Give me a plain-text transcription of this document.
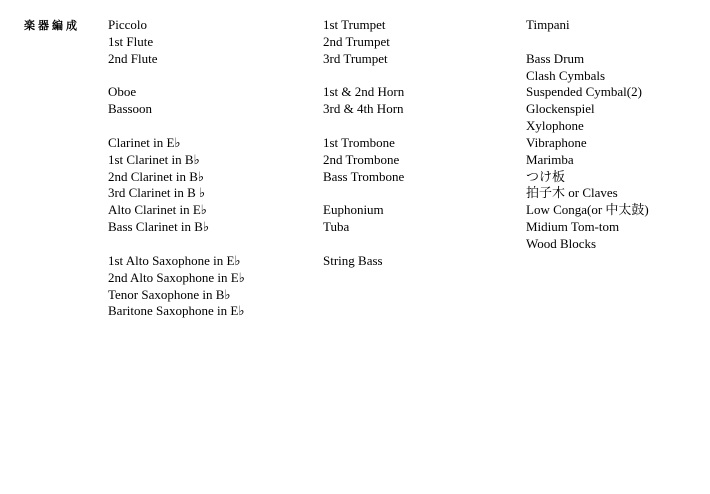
楽器編成 Piccolo
1st Flute
2nd Flute
Oboe
Bassoon
Clarinet in E♭
1st Clarinet in B♭
2nd Clarinet in B♭
3rd Clarinet in B ♭
Alto Clarinet in E♭
Bass Clarinet in B♭
1st Alto Saxophone in E♭
2nd Alto Saxophone in E♭
Tenor Saxophone in B♭
Baritone Saxophone in E♭
1st Trumpet
2nd Trumpet
3rd Trumpet
1st & 2nd Horn
3rd & 4th Horn
1st Trombone
2nd Trombone
Bass Trombone
Euphonium
Tuba
String Bass
Timpani
Bass Drum
Clash Cymbals
Suspended Cymbal(2)
Glockenspiel
Xylophone
Vibraphone
Marimba
つけ板
拍子木 or Claves
Low Conga(or 中太鼓)
Midium Tom-tom
Wood Blocks
